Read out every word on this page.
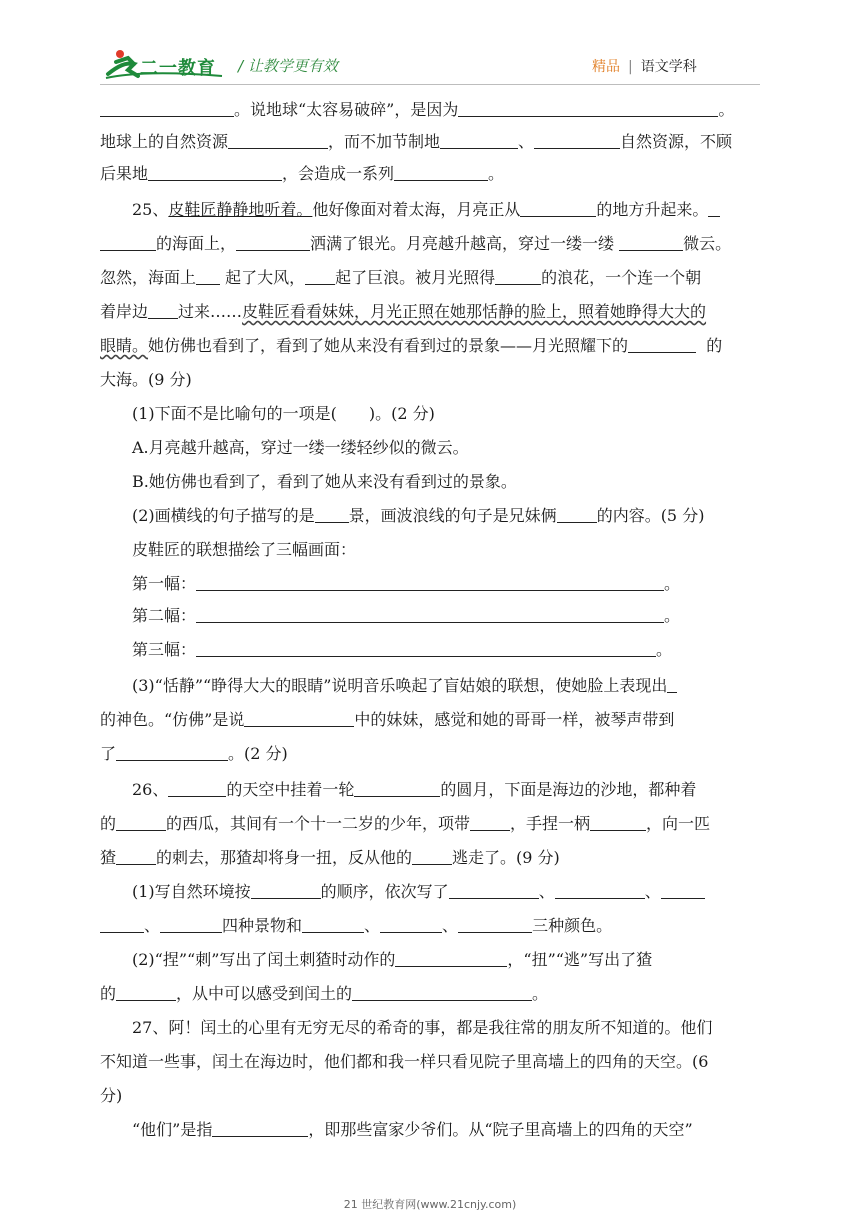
二一教育 / 让教学更有效	精品 | 语文学科
。说地球“太容易破碎”，是因为	。
地球上的自然资源	，而不加节制地	、	自然资源，不顾
后果地	，会造成一系列	。
25、皮鞋匠静静地听着。他好像面对着太海，月亮正从	的地方升起来。
的海面上，	洒满了银光。月亮越升越高，穿过一缕一缕	微云。
忽然，海面上 起了大风， 起了巨浪。被月光照得	的浪花，一个连一个朝
着岸边 过来……皮鞋匠看看妹妹，月光正照在她那恬静的脸上，照着她睁得大大的
眼睛。她仿佛也看到了，看到了她从来没有看到过的景象——月光照耀下的	的
大海。(9 分)
(1)下面不是比喻句的一项是(　　)。(2 分)
A.月亮越升越高，穿过一缕一缕轻纱似的微云。
B.她仿佛也看到了，看到了她从来没有看到过的景象。
(2)画横线的句子描写的是 景，画波浪线的句子是兄妹俩	的内容。(5 分)
皮鞋匠的联想描绘了三幅画面：
第一幅：	。
第二幅：	。
第三幅：	。
(3)“恬静”“睁得大大的眼睛”说明音乐唤起了盲姑娘的联想，使她脸上表现出
的神色。“仿佛”是说	中的妹妹，感觉和她的哥哥一样，被琴声带到
了	。(2 分)
26、	的天空中挂着一轮	的圆月，下面是海边的沙地，都种着
的	的西瓜，其间有一个十一二岁的少年，项带	，手捏一柄	，向一匹
猹	的刺去，那猹却将身一扭，反从他的	逃走了。(9 分)
(1)写自然环境按	的顺序，依次写了	、	、
、	四种景物和	、	、	三种颜色。
(2)“捏”“刺”写出了闰土刺猹时动作的	，“扭”“逃”写出了猹
的	，从中可以感受到闰土的	。
27、阿！闰土的心里有无穷无尽的希奇的事，都是我往常的朋友所不知道的。他们
不知道一些事，闰土在海边时，他们都和我一样只看见院子里高墙上的四角的天空。(6
分)
“他们”是指	，即那些富家少爷们。从“院子里高墙上的四角的天空”
21 世纪教育网(www.21cnjy.com)
